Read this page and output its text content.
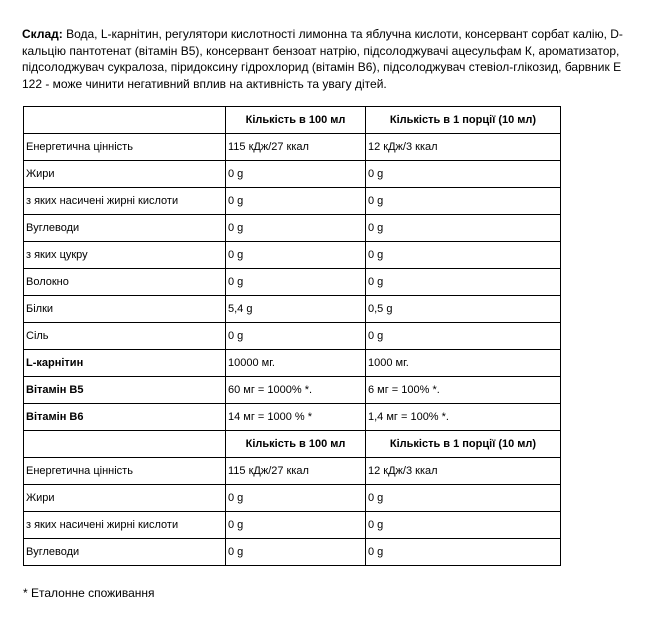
Склад: Вода, L-карнітин, регулятори кислотності лимонна та яблучна кислоти, консервант сорбат калію, D-кальцію пантотенат (вітамін B5), консервант бензоат натрію, підсолоджувачі ацесульфам К, ароматизатор, підсолоджувач сукралоза, піридоксину гідрохлорид (вітамін B6), підсолоджувач стевіол-глікозид, барвник Е 122 - може чинити негативний вплив на активність та увагу дітей.
	Кількість в 100 мл	Кількість в 1 порції (10 мл)
Енергетична цінність	115 кДж/27 ккал	12 кДж/3 ккал
Жири	0 g	0 g
з яких насичені жирні кислоти	0 g	0 g
Вуглеводи	0 g	0 g
з яких цукру	0 g	0 g
Волокно	0 g	0 g
Білки	5,4 g	0,5 g
Сіль	0 g	0 g
L-карнітин	10000 мг.	1000 мг.
Вітамін B5	60 мг = 1000% *.	6 мг = 100% *.
Вітамін B6	14 мг = 1000 % *	1,4 мг = 100% *.
	Кількість в 100 мл	Кількість в 1 порції (10 мл)
Енергетична цінність	115 кДж/27 ккал	12 кДж/3 ккал
Жири	0 g	0 g
з яких насичені жирні кислоти	0 g	0 g
Вуглеводи	0 g	0 g
* Еталонне споживання
